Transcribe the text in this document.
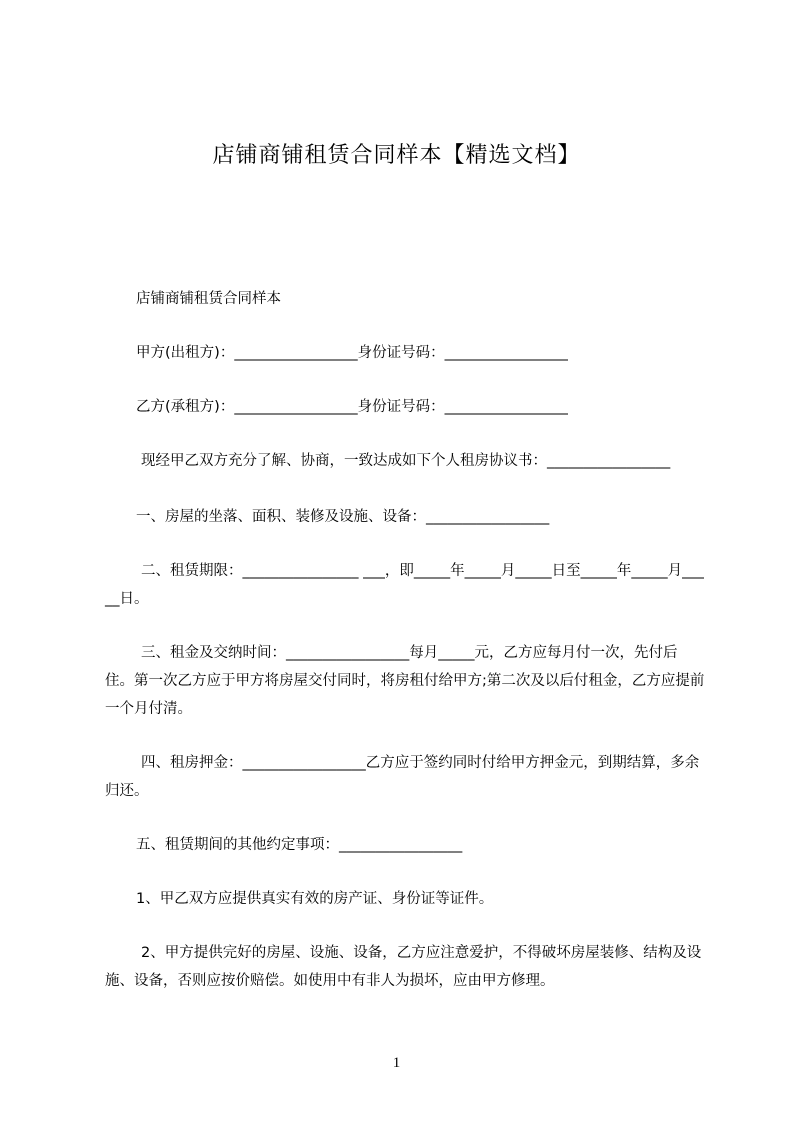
店铺商铺租赁合同样本【精选文档】

店铺商铺租赁合同样本

甲方(出租方)：_________________身份证号码：_________________

乙方(承租方)：_________________身份证号码：_________________

现经甲乙双方充分了解、协商，一致达成如下个人租房协议书：_________________

一、房屋的坐落、面积、装修及设施、设备：_________________

二、租赁期限：________________ ___，即_____年_____月_____日至_____年_____月_____日。

三、租金及交纳时间：_________________每月_____元，乙方应每月付一次，先付后住。第一次乙方应于甲方将房屋交付同时，将房租付给甲方;第二次及以后付租金，乙方应提前一个月付清。

四、租房押金：_________________乙方应于签约同时付给甲方押金元，到期结算，多余归还。

五、租赁期间的其他约定事项：_________________

1、甲乙双方应提供真实有效的房产证、身份证等证件。

2、甲方提供完好的房屋、设施、设备，乙方应注意爱护，不得破坏房屋装修、结构及设施、设备，否则应按价赔偿。如使用中有非人为损坏，应由甲方修理。

1
